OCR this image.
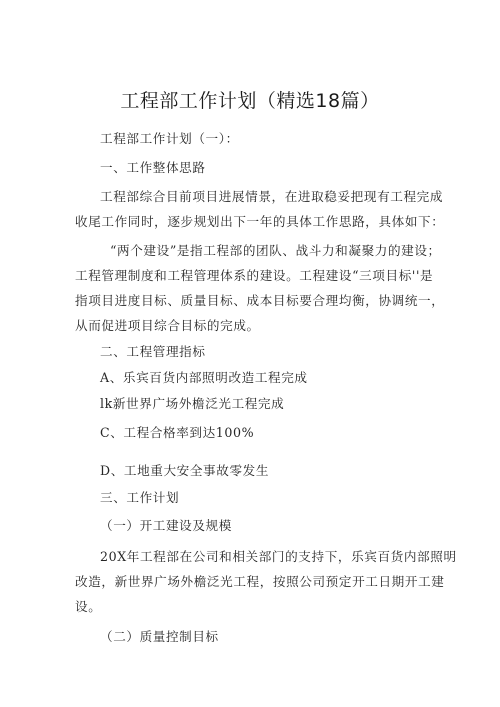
工程部工作计划（精选18篇）
工程部工作计划（一）：
一、工作整体思路
工程部综合目前项目进展情景，在进取稳妥把现有工程完成
收尾工作同时，逐步规划出下一年的具体工作思路，具体如下：
“两个建设”是指工程部的团队、战斗力和凝聚力的建设；
工程管理制度和工程管理体系的建设。工程建设“三项目标''是
指项目进度目标、质量目标、成本目标要合理均衡，协调统一，
从而促进项目综合目标的完成。
二、工程管理指标
A、乐宾百货内部照明改造工程完成
lk新世界广场外檐泛光工程完成
C、工程合格率到达100%
D、工地重大安全事故零发生
三、工作计划
（一）开工建设及规模
20X年工程部在公司和相关部门的支持下，乐宾百货内部照明
改造，新世界广场外檐泛光工程，按照公司预定开工日期开工建
设。
（二）质量控制目标
